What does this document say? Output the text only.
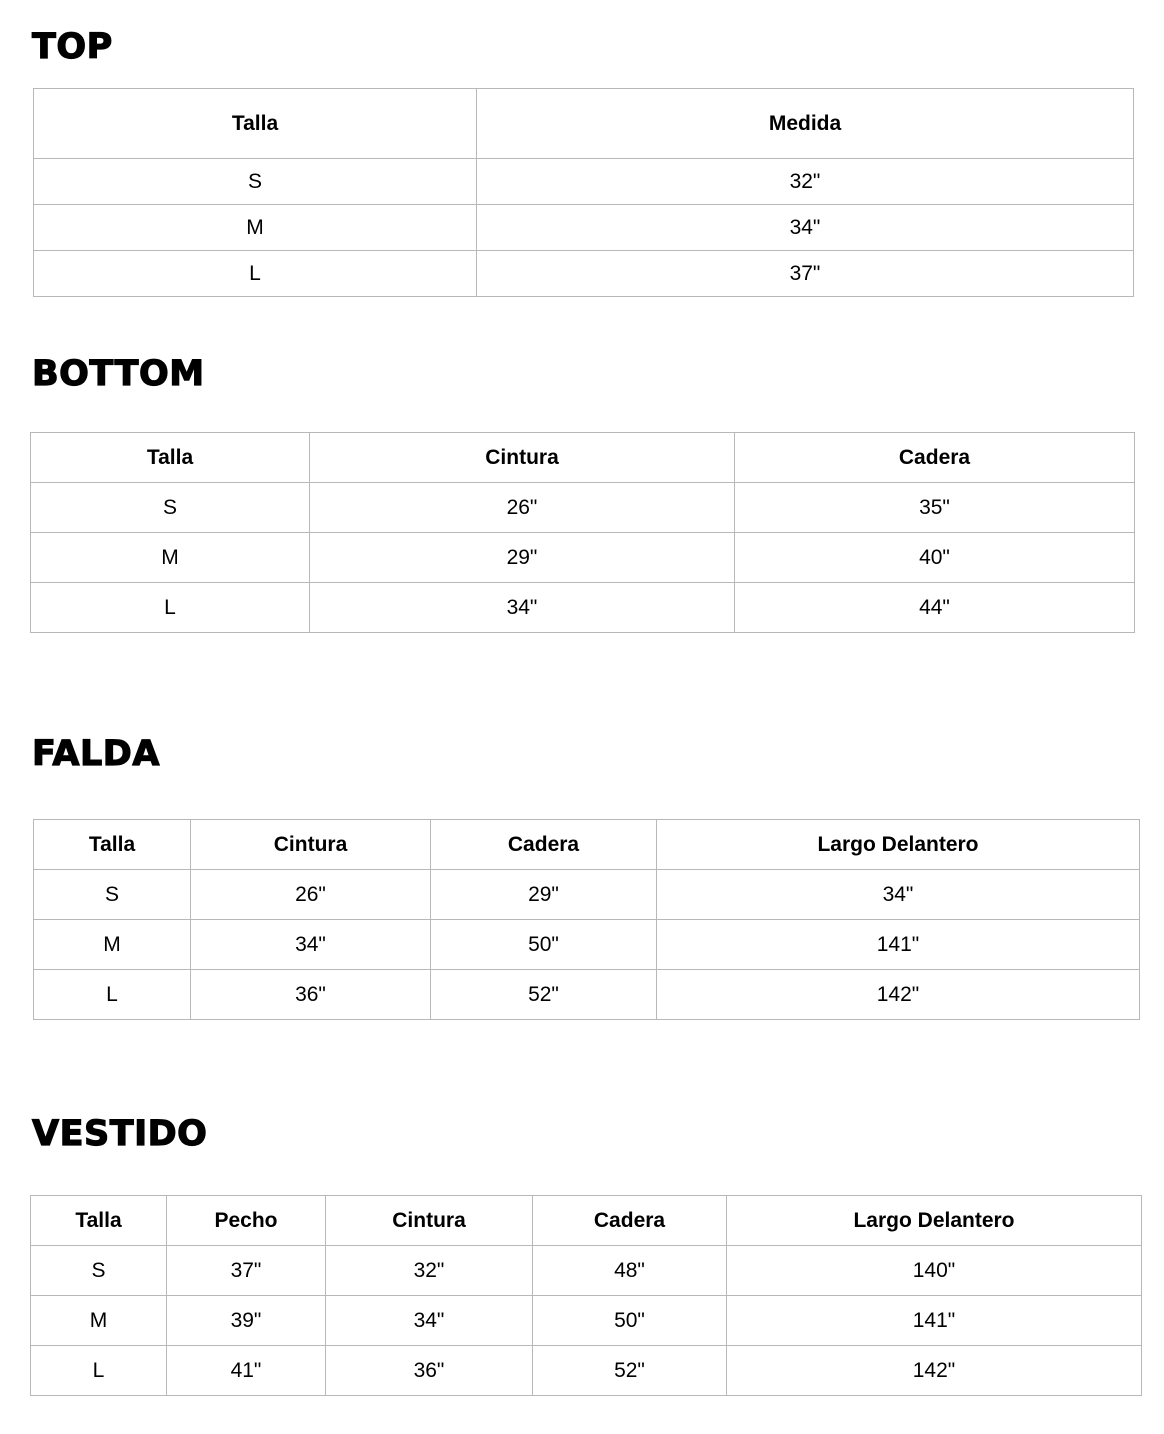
TOP
Talla	Medida
S	32"
M	34"
L	37"
BOTTOM
Talla	Cintura	Cadera
S	26"	35"
M	29"	40"
L	34"	44"
FALDA
Talla	Cintura	Cadera	Largo Delantero
S	26"	29"	34"
M	34"	50"	141"
L	36"	52"	142"
VESTIDO
Talla	Pecho	Cintura	Cadera	Largo Delantero
S	37"	32"	48"	140"
M	39"	34"	50"	141"
L	41"	36"	52"	142"
